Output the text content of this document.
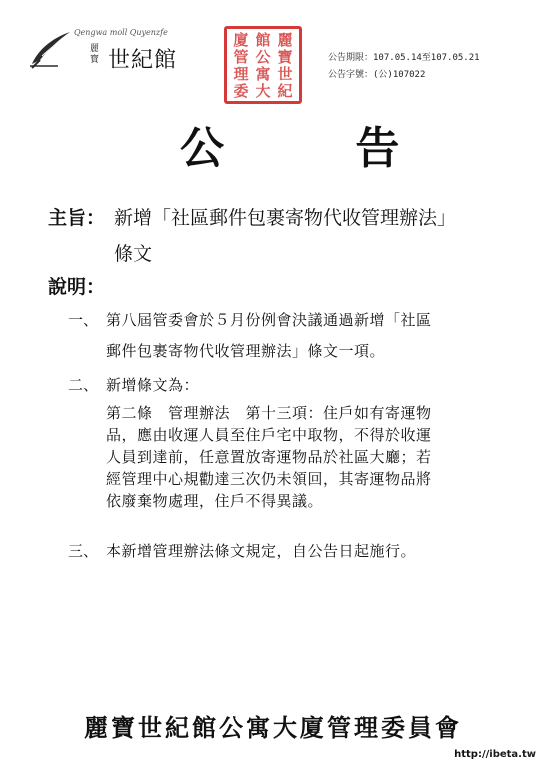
Qengwa moll Quyenzfe
麗寶 世紀館
麗
寶
世
紀
館
公
寓
大
廈
管
理
委
公告期限：107.05.14至107.05.21
公告字號：(公)107022
公 告
主旨： 新增「社區郵件包裹寄物代收管理辦法」
條文
說明：
一、 第八屆管委會於５月份例會決議通過新增「社區
郵件包裹寄物代收管理辦法」條文一項。
二、 新增條文為：
第二條　管理辦法　第十三項：住戶如有寄運物
品，應由收運人員至住戶宅中取物，不得於收運
人員到達前，任意置放寄運物品於社區大廳；若
經管理中心規勸達三次仍未領回，其寄運物品將
依廢棄物處理，住戶不得異議。
三、 本新增管理辦法條文規定，自公告日起施行。
麗寶世紀館公寓大廈管理委員會
http://ibeta.tw
